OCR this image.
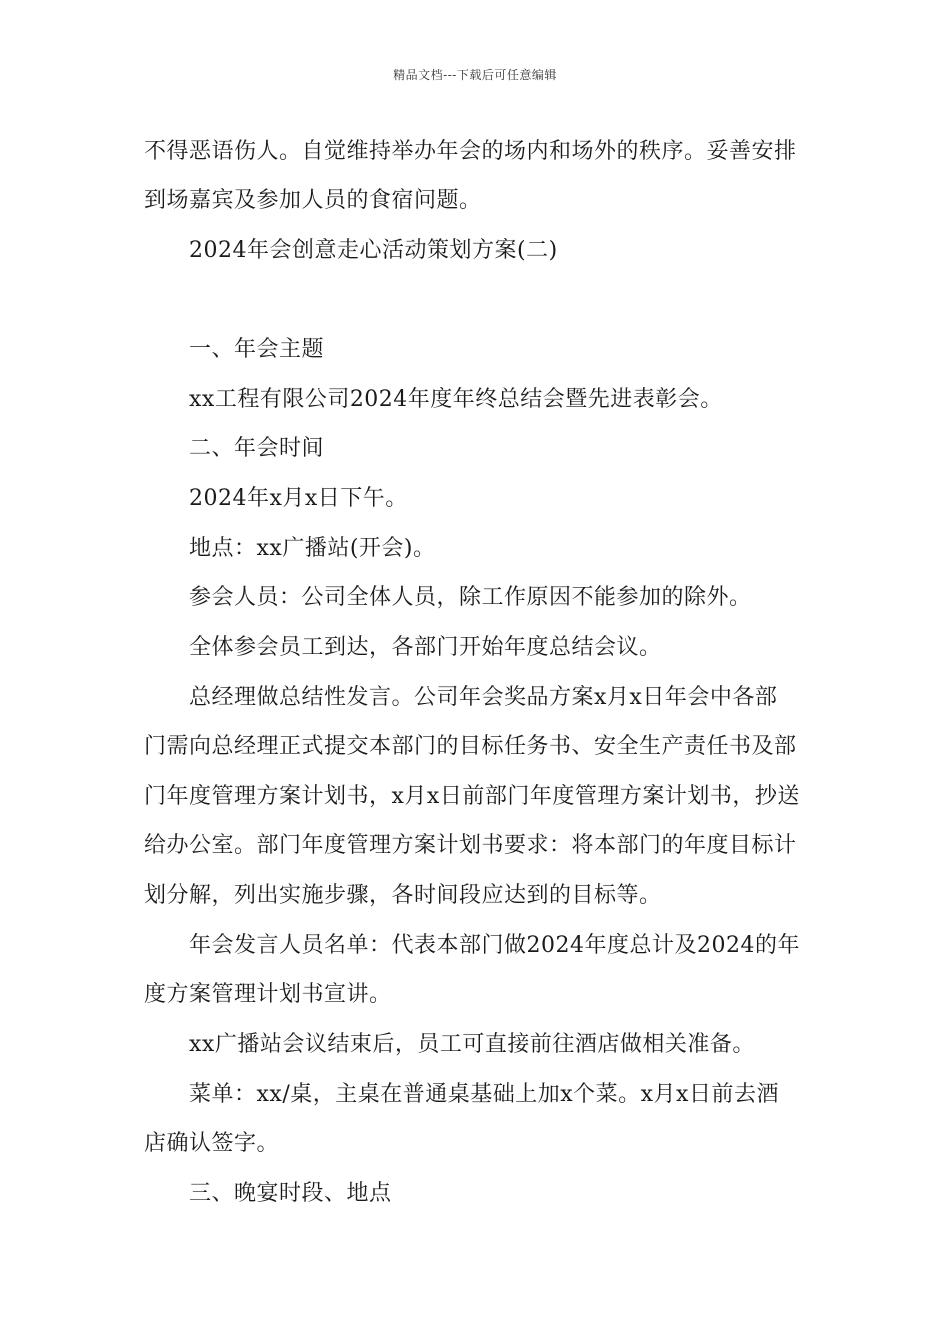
精品文档---下载后可任意编辑
不得恶语伤人。自觉维持举办年会的场内和场外的秩序。妥善安排
到场嘉宾及参加人员的食宿问题。
2024年会创意走心活动策划方案(二)
一、年会主题
xx工程有限公司2024年度年终总结会暨先进表彰会。
二、年会时间
2024年x月x日下午。
地点：xx广播站(开会)。
参会人员：公司全体人员，除工作原因不能参加的除外。
全体参会员工到达，各部门开始年度总结会议。
总经理做总结性发言。公司年会奖品方案x月x日年会中各部
门需向总经理正式提交本部门的目标任务书、安全生产责任书及部
门年度管理方案计划书，x月x日前部门年度管理方案计划书，抄送
给办公室。部门年度管理方案计划书要求：将本部门的年度目标计
划分解，列出实施步骤，各时间段应达到的目标等。
年会发言人员名单：代表本部门做2024年度总计及2024的年
度方案管理计划书宣讲。
xx广播站会议结束后，员工可直接前往酒店做相关准备。
菜单：xx/桌，主桌在普通桌基础上加x个菜。x月x日前去酒
店确认签字。
三、晚宴时段、地点
